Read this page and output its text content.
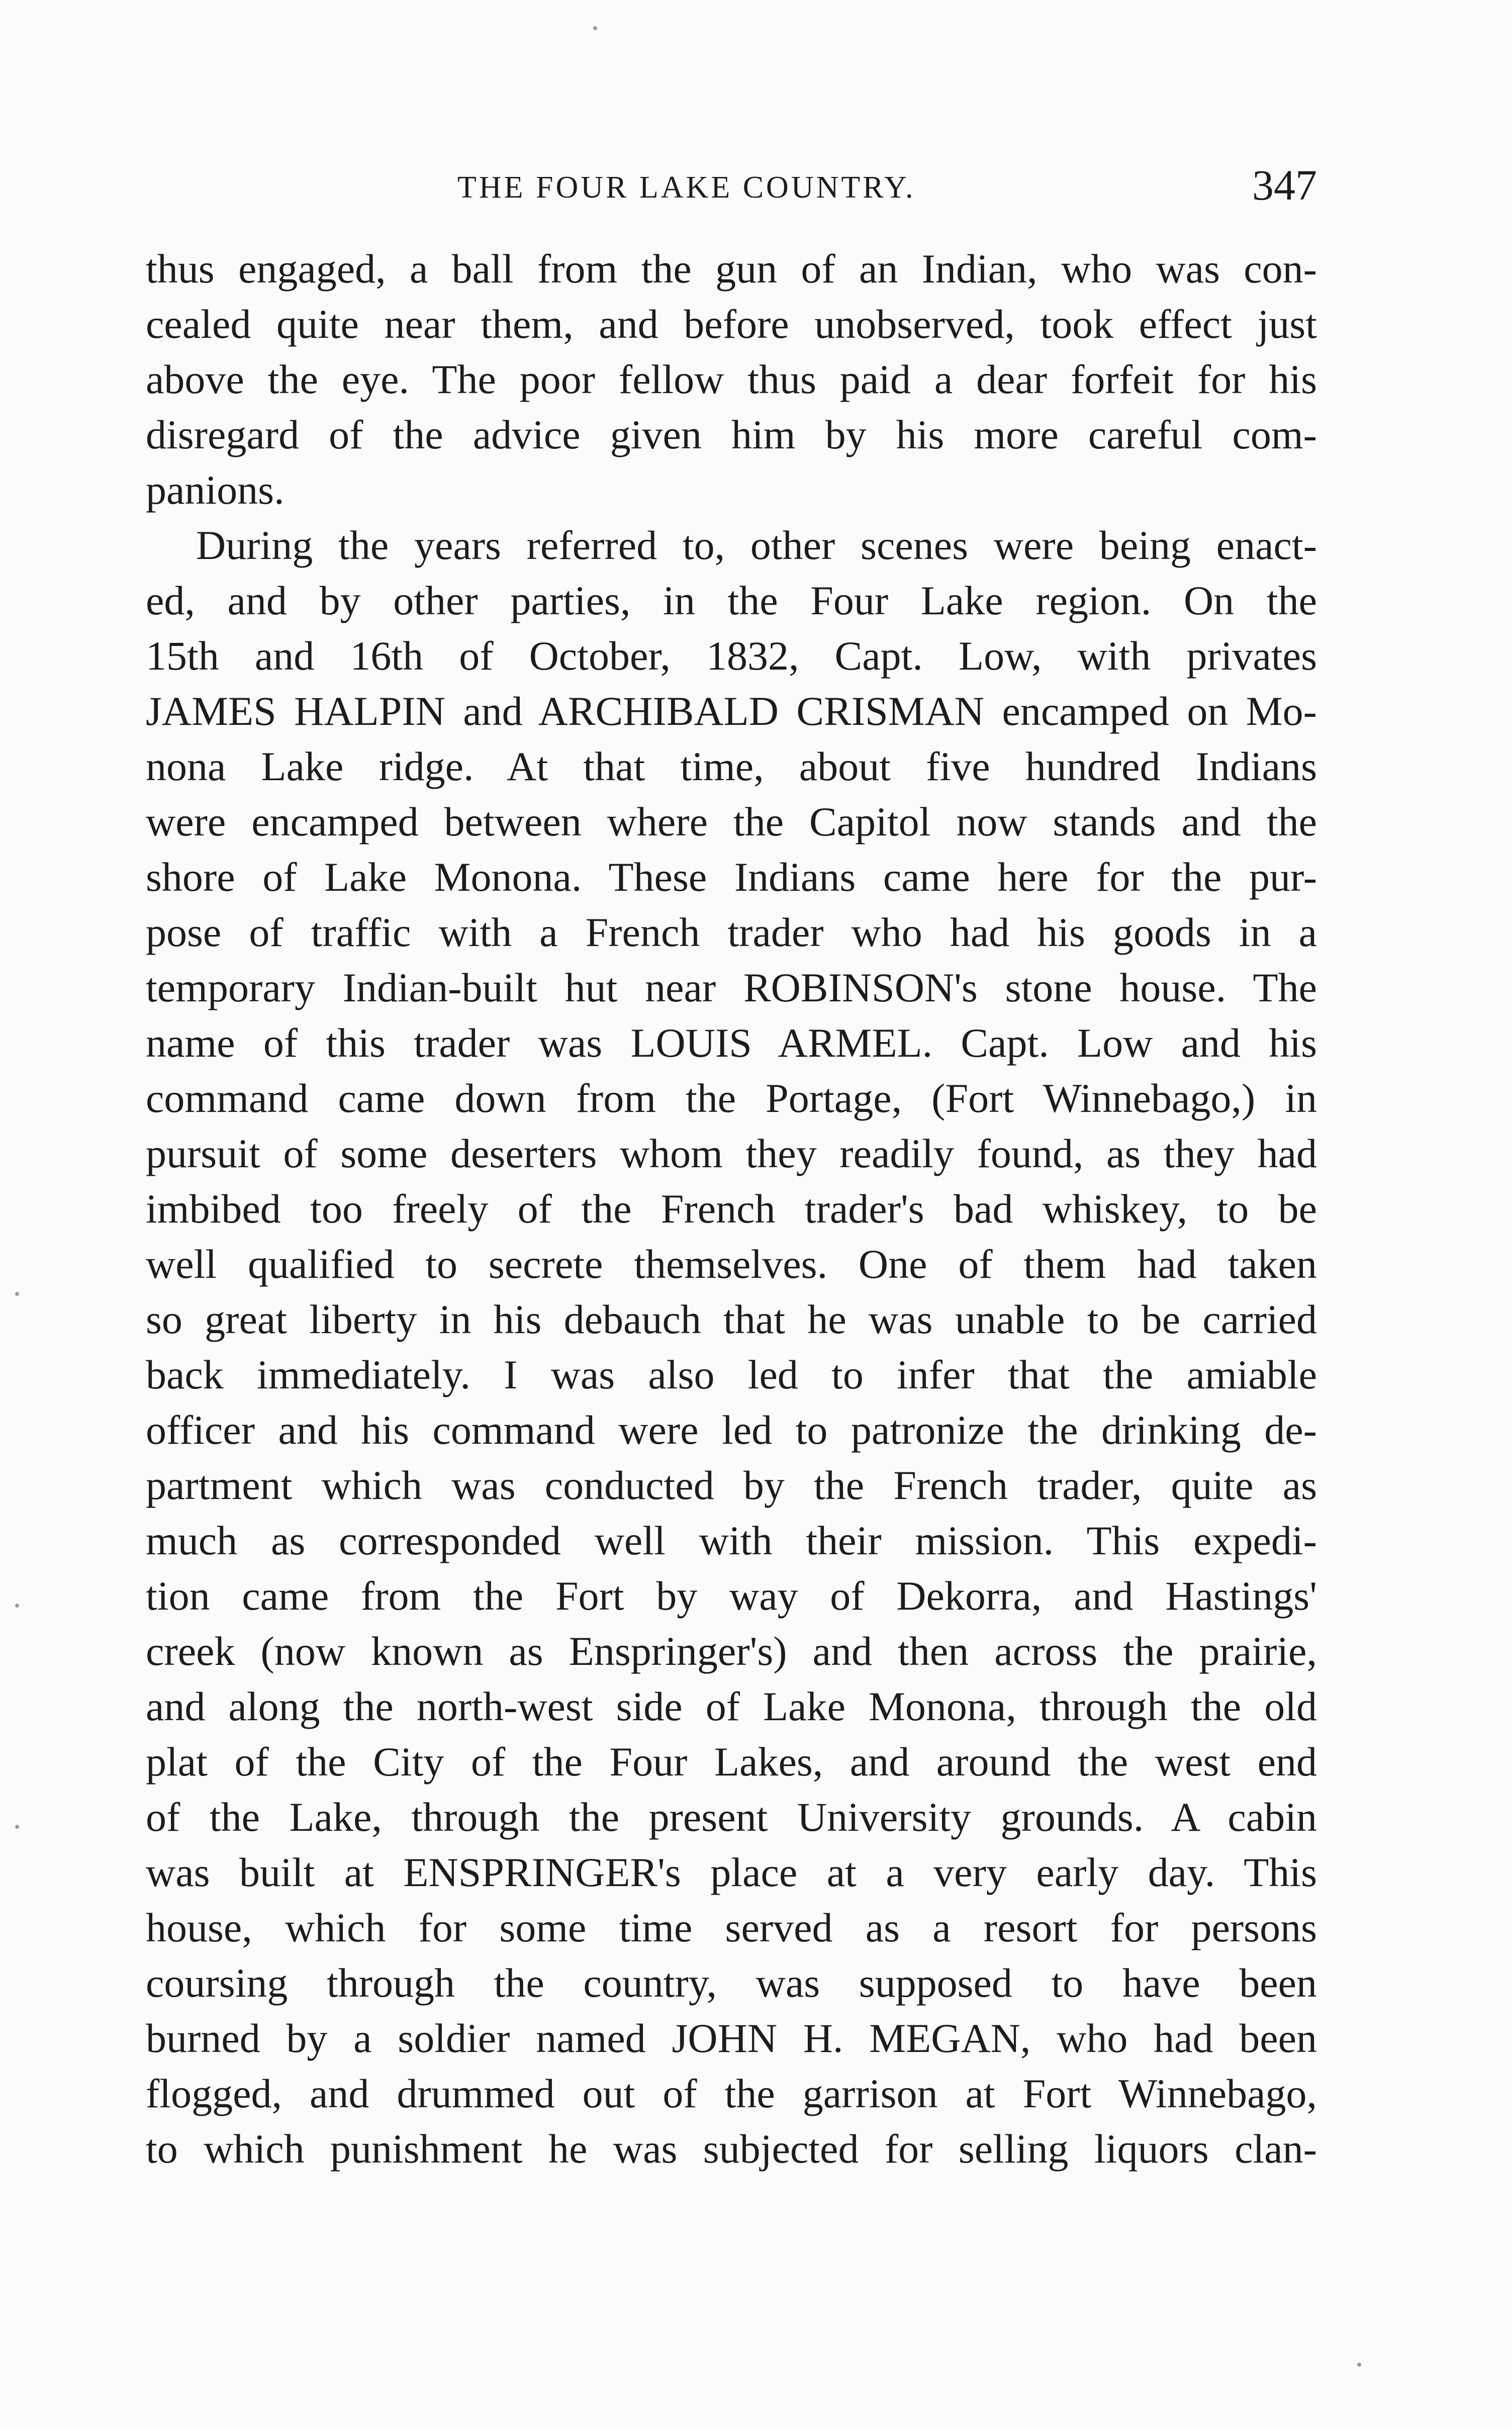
THE FOUR LAKE COUNTRY.	347
thus engaged, a ball from the gun of an Indian, who was con-
cealed quite near them, and before unobserved, took effect just
above the eye. The poor fellow thus paid a dear forfeit for his
disregard of the advice given him by his more careful com-
panions.
During the years referred to, other scenes were being enact-
ed, and by other parties, in the Four Lake region. On the
15th and 16th of October, 1832, Capt. Low, with privates
JAMES HALPIN and ARCHIBALD CRISMAN encamped on Mo-
nona Lake ridge. At that time, about five hundred Indians
were encamped between where the Capitol now stands and the
shore of Lake Monona. These Indians came here for the pur-
pose of traffic with a French trader who had his goods in a
temporary Indian-built hut near ROBINSON's stone house. The
name of this trader was LOUIS ARMEL. Capt. Low and his
command came down from the Portage, (Fort Winnebago,) in
pursuit of some deserters whom they readily found, as they had
imbibed too freely of the French trader's bad whiskey, to be
well qualified to secrete themselves. One of them had taken
so great liberty in his debauch that he was unable to be carried
back immediately. I was also led to infer that the amiable
officer and his command were led to patronize the drinking de-
partment which was conducted by the French trader, quite as
much as corresponded well with their mission. This expedi-
tion came from the Fort by way of Dekorra, and Hastings'
creek (now known as Enspringer's) and then across the prairie,
and along the north-west side of Lake Monona, through the old
plat of the City of the Four Lakes, and around the west end
of the Lake, through the present University grounds. A cabin
was built at ENSPRINGER's place at a very early day. This
house, which for some time served as a resort for persons
coursing through the country, was supposed to have been
burned by a soldier named JOHN H. MEGAN, who had been
flogged, and drummed out of the garrison at Fort Winnebago,
to which punishment he was subjected for selling liquors clan-
